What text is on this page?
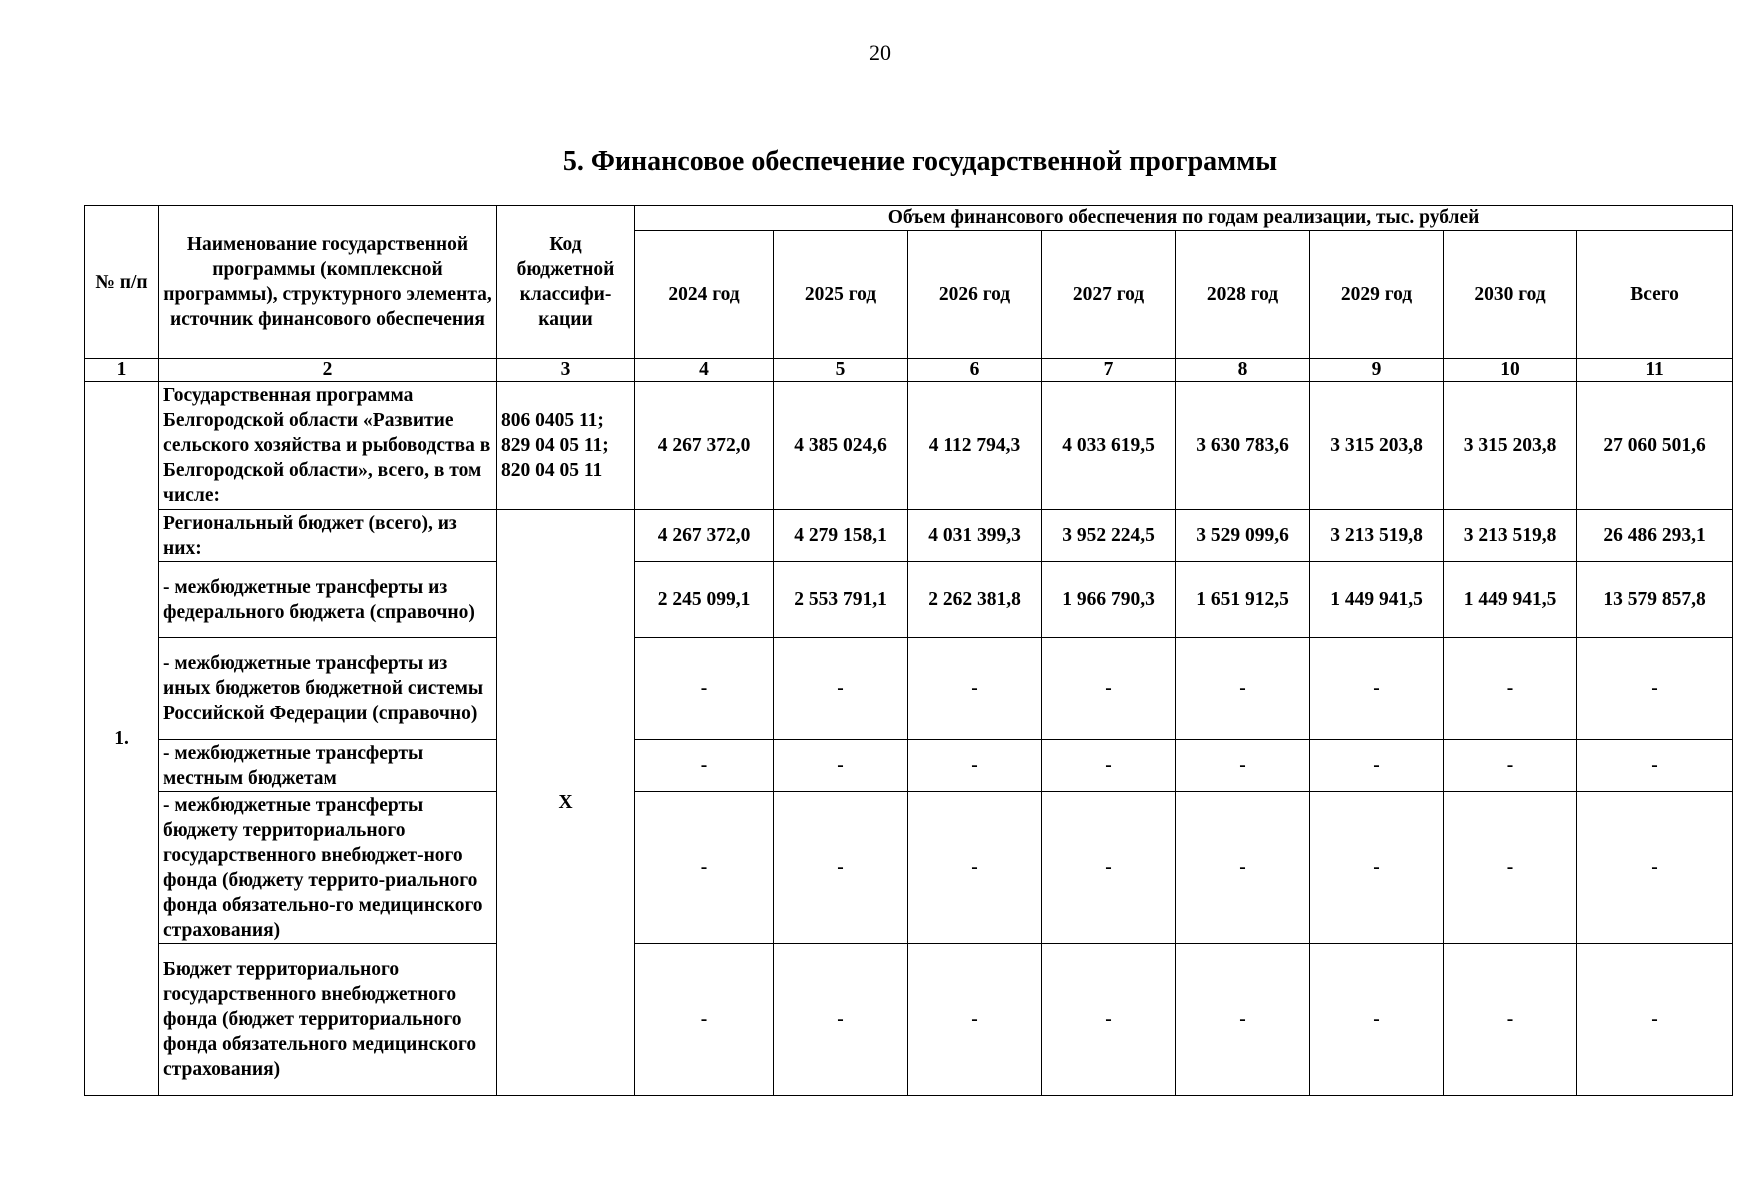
20
5. Финансовое обеспечение государственной программы
№ п/п	Наименование государственной программы (комплексной программы), структурного элемента, источник финансового обеспечения	Код бюджетной классифи-кации	Объем финансового обеспечения по годам реализации, тыс. рублей							
			2024 год	2025 год	2026 год	2027 год	2028 год	2029 год	2030 год	Всего
1	2	3	4	5	6	7	8	9	10	11
1.	Государственная программа Белгородской области «Развитие сельского хозяйства и рыбоводства в Белгородской области», всего, в том числе:	806 0405 11; 829 04 05 11; 820 04 05 11	4 267 372,0	4 385 024,6	4 112 794,3	4 033 619,5	3 630 783,6	3 315 203,8	3 315 203,8	27 060 501,6
	Региональный бюджет (всего), из них:	X	4 267 372,0	4 279 158,1	4 031 399,3	3 952 224,5	3 529 099,6	3 213 519,8	3 213 519,8	26 486 293,1
	- межбюджетные трансферты из федерального бюджета (справочно)		2 245 099,1	2 553 791,1	2 262 381,8	1 966 790,3	1 651 912,5	1 449 941,5	1 449 941,5	13 579 857,8
	- межбюджетные трансферты из иных бюджетов бюджетной системы Российской Федерации (справочно)		-	-	-	-	-	-	-	-
	- межбюджетные трансферты местным бюджетам		-	-	-	-	-	-	-	-
	- межбюджетные трансферты бюджету территориального государственного внебюджет-ного фонда (бюджету террито-риального фонда обязательно-го медицинского страхования)		-	-	-	-	-	-	-	-
	Бюджет территориального государственного внебюджетного фонда (бюджет территориального фонда обязательного медицинского страхования)		-	-	-	-	-	-	-	-
